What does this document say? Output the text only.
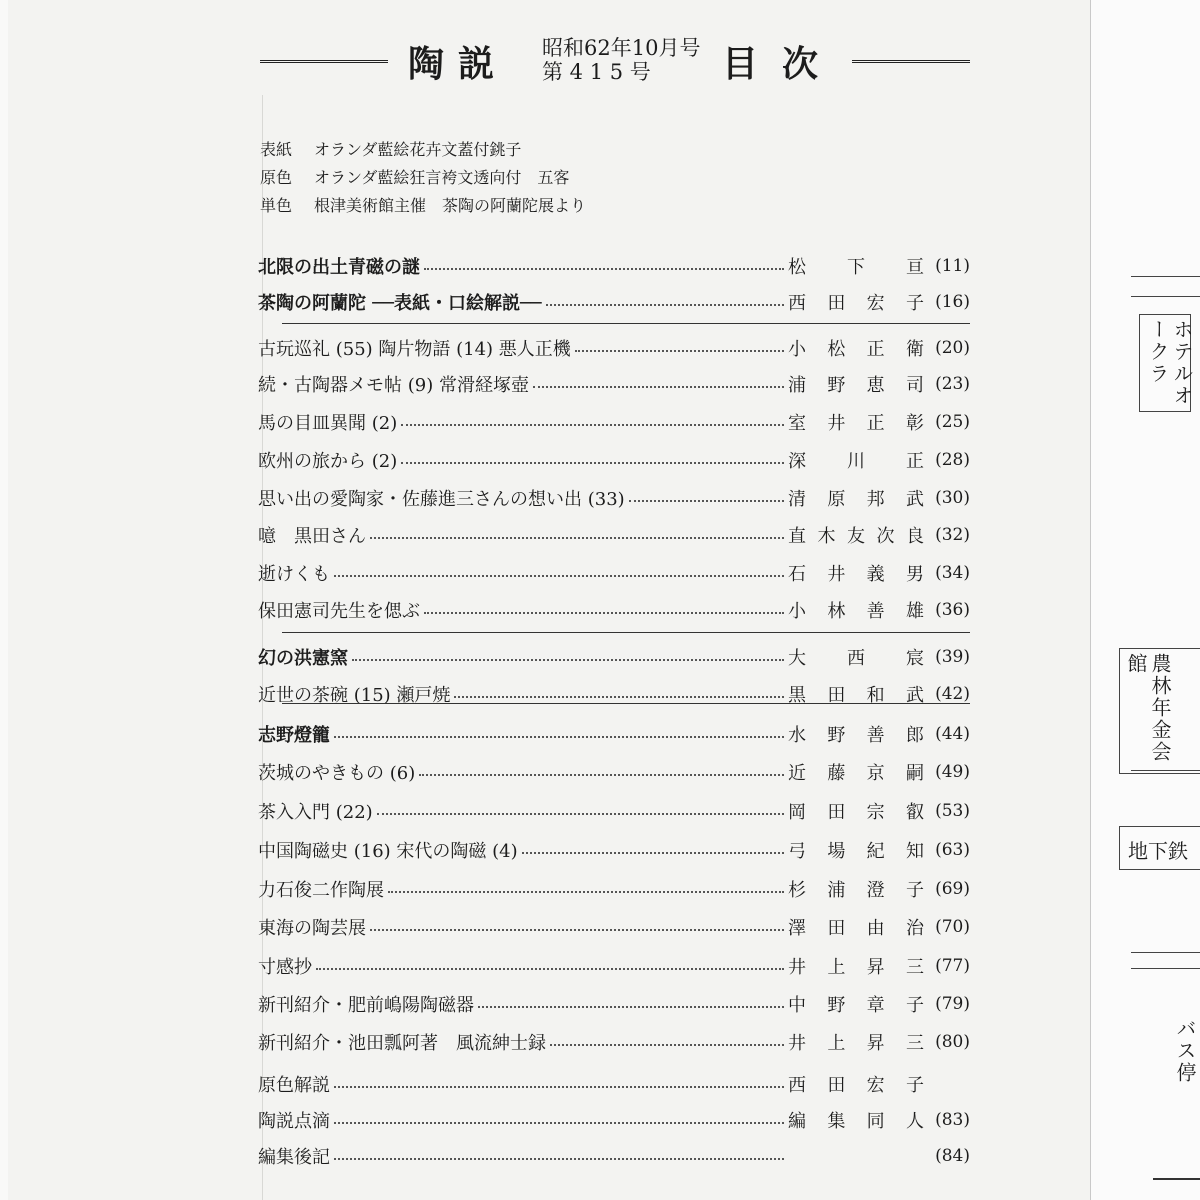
陶説 昭和62年10月号
第 4 1 5 号	目次
表紙 オランダ藍絵花卉文蓋付銚子
原色 オランダ藍絵狂言袴文透向付　五客
単色 根津美術館主催　茶陶の阿蘭陀展より
北限の出土青磁の謎	松 下 亘 (11)
茶陶の阿蘭陀 ──表紙・口絵解説──	西 田 宏 子 (16)
古玩巡礼 (55) 陶片物語 (14) 悪人正機	小 松 正 衛 (20)
続・古陶器メモ帖 (9) 常滑経塚壺	浦 野 恵 司 (23)
馬の目皿異聞 (2)	室 井 正 彰 (25)
欧州の旅から (2)	深 川 正 (28)
思い出の愛陶家・佐藤進三さんの想い出 (33)	清 原 邦 武 (30)
噫　黒田さん	直 木 友 次 良 (32)
逝けくも	石 井 義 男 (34)
保田憲司先生を偲ぶ	小 林 善 雄 (36)
幻の洪憲窯	大 西 宸 (39)
近世の茶碗 (15) 瀬戸焼	黒 田 和 武 (42)
志野燈籠	水 野 善 郎 (44)
茨城のやきもの (6)	近 藤 京 嗣 (49)
茶入入門 (22)	岡 田 宗 叡 (53)
中国陶磁史 (16) 宋代の陶磁 (4)	弓 場 紀 知 (63)
力石俊二作陶展	杉 浦 澄 子 (69)
東海の陶芸展	澤 田 由 治 (70)
寸感抄	井 上 昇 三 (77)
新刊紹介・肥前嶋陽陶磁器	中 野 章 子 (79)
新刊紹介・池田瓢阿著　風流紳士録	井 上 昇 三 (80)
原色解説	西 田 宏 子
陶説点滴	編 集 同 人 (83)
編集後記	(84)
ホテルオークラ
農林年金会館
地下鉄
バス停
